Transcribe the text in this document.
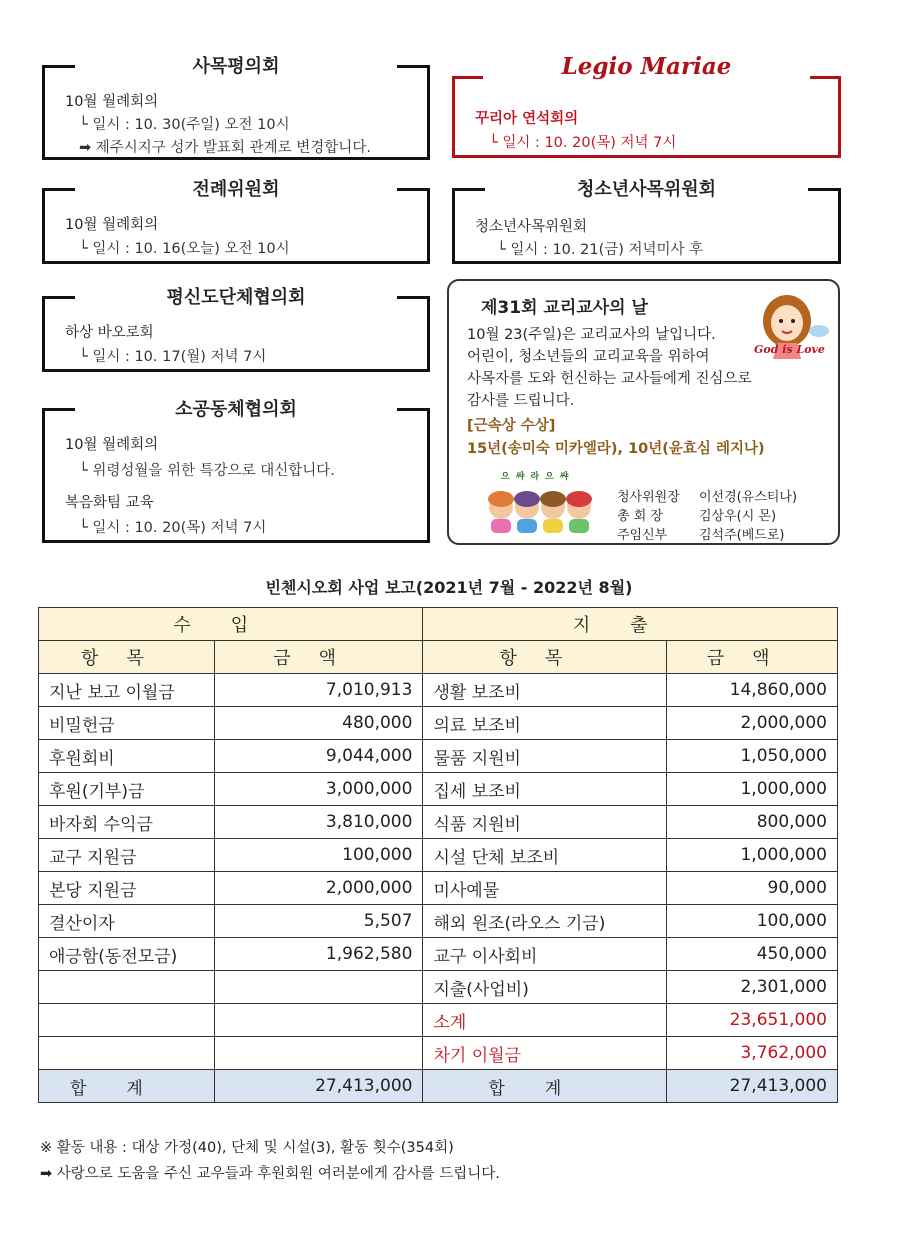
사목평의회
10월 월례회의
└ 일시 : 10. 30(주일) 오전 10시
➡ 제주시지구 성가 발표회 관계로 변경합니다.
Legio Mariae
꾸리아 연석회의
└ 일시 : 10. 20(목) 저녁 7시
전례위원회
10월 월례회의
└ 일시 : 10. 16(오늘) 오전 10시
청소년사목위원회
청소년사목위원회
└ 일시 : 10. 21(금) 저녁미사 후
평신도단체협의회
하상 바오로회
└ 일시 : 10. 17(월) 저녁 7시
소공동체협의회
10월 월례회의
└ 위령성월을 위한 특강으로 대신합니다.
복음화팀 교육
└ 일시 : 10. 20(목) 저녁 7시
제31회 교리교사의 날
10월 23(주일)은 교리교사의 날입니다.
어린이, 청소년들의 교리교육을 위하여
사목자를 도와 헌신하는 교사들에게 진심으로
감사를 드립니다.
[근속상 수상]
15년(송미숙 미카엘라), 10년(윤효심 레지나)
God is Love
으쌰라으쌰
청사위원장 이선경(유스티나)
총 회 장	김상우(시 몬)
주임신부 김석주(베드로)
빈첸시오회 사업 보고(2021년 7월 - 2022년 8월)
수입		지출	
항목	금액	항목	금액
지난 보고 이월금	7,010,913	생활 보조비	14,860,000
비밀헌금	480,000	의료 보조비	2,000,000
후원회비	9,044,000	물품 지원비	1,050,000
후원(기부)금	3,000,000	집세 보조비	1,000,000
바자회 수익금	3,810,000	식품 지원비	800,000
교구 지원금	100,000	시설 단체 보조비	1,000,000
본당 지원금	2,000,000	미사예물	90,000
결산이자	5,507	해외 원조(라오스 기금)	100,000
애긍함(동전모금)	1,962,580	교구 이사회비	450,000
		지출(사업비)	2,301,000
		소계	23,651,000
		차기 이월금	3,762,000
합계	27,413,000	합계	27,413,000
※ 활동 내용 : 대상 가정(40), 단체 및 시설(3), 활동 횟수(354회)
➡ 사랑으로 도움을 주신 교우들과 후원회원 여러분에게 감사를 드립니다.
